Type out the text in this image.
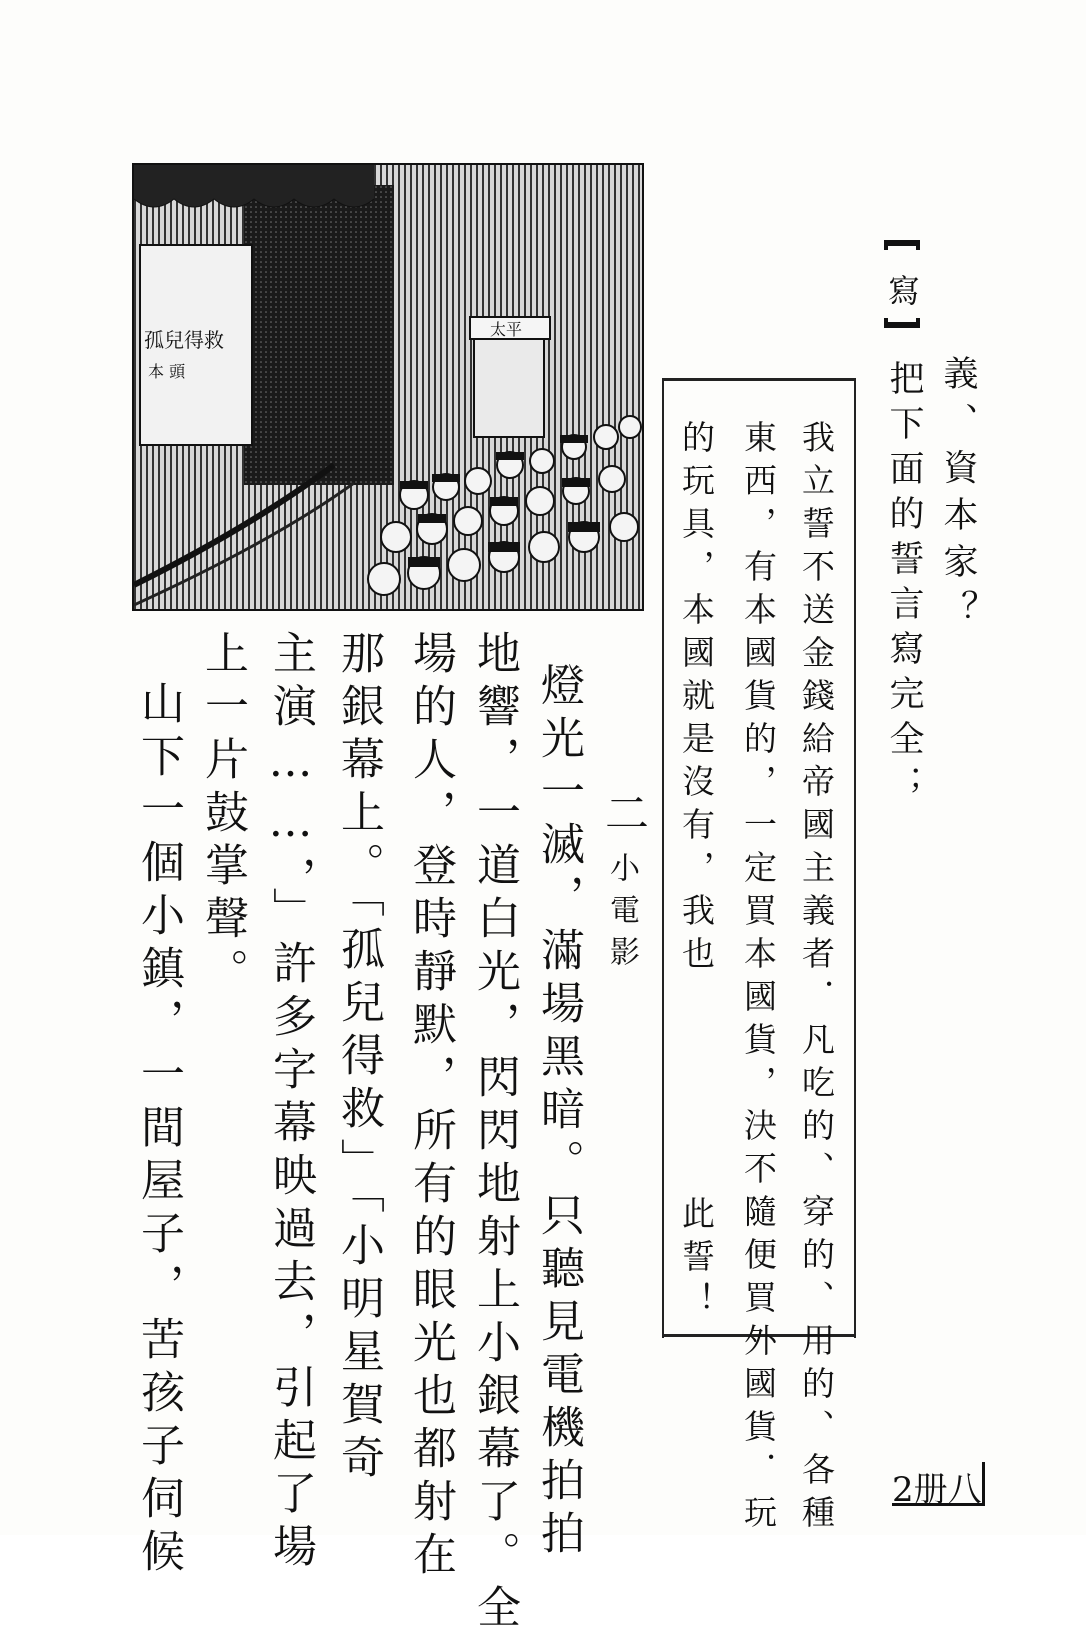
寫
義、資本家？
把下面的誓言寫完全；
我立誓不送金錢給帝國主義者．凡吃的、穿的、用的、各種
東西，有本國貨的，一定買本國貨，決不隨便買外國貨．玩
的玩具，本國就是沒有，我也
此誓！
孤兒得救
本 頭
太平
二
小電影
燈光一滅，滿場黑暗。只聽見電機拍拍
地響，一道白光，閃閃地射上小銀幕了。全
場的人，登時靜默，所有的眼光也都射在
那銀幕上。「孤兒得救」「小明星賀奇
主演……，」許多字幕映過去，引起了場
上一片鼓掌聲。
山下一個小鎮，一間屋子，苦孩子伺候	2册八
